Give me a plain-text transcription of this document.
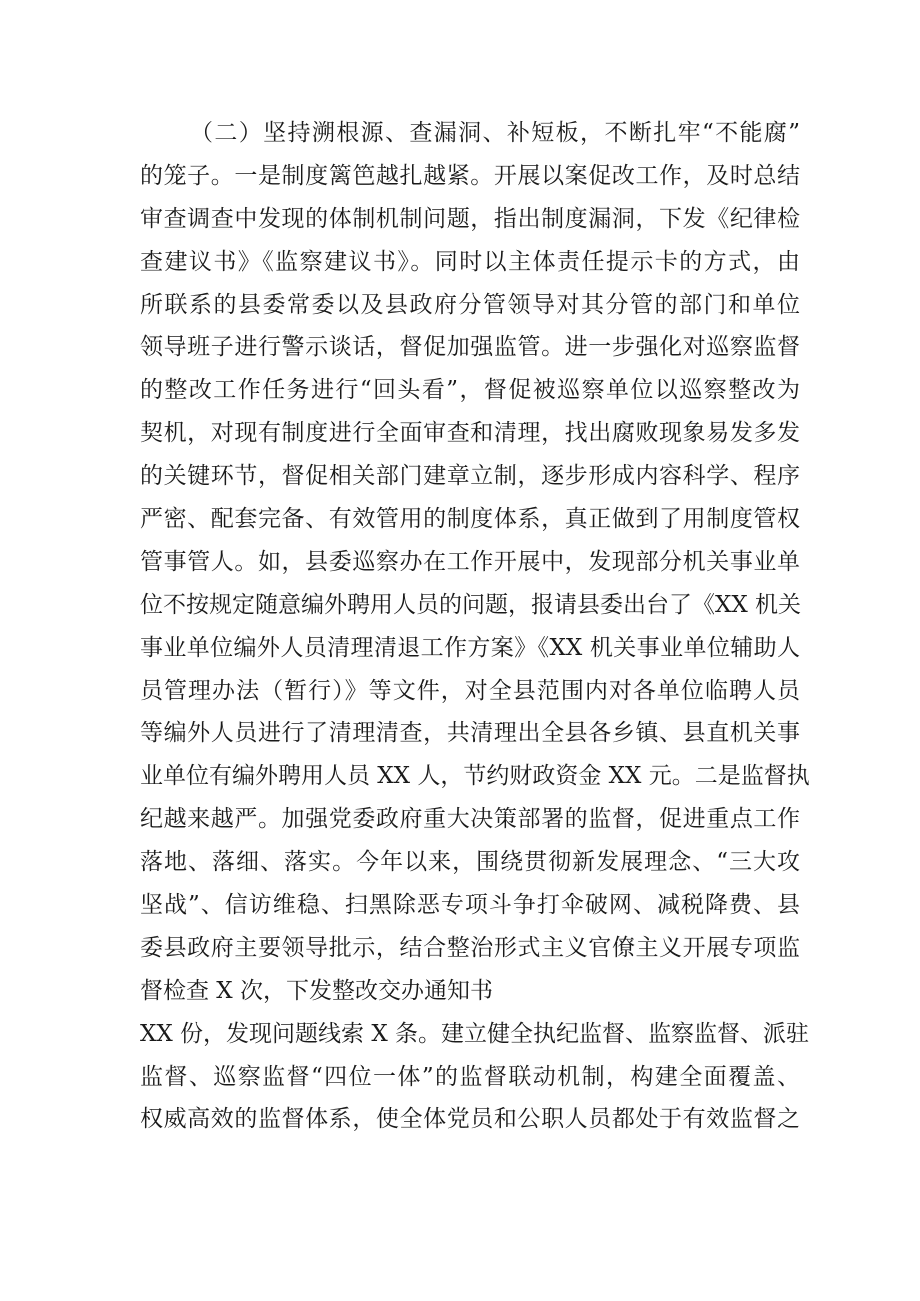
（二）坚持溯根源、查漏洞、补短板，不断扎牢“不能腐”
的笼子。一是制度篱笆越扎越紧。开展以案促改工作，及时总结
审查调查中发现的体制机制问题，指出制度漏洞，下发《纪律检
查建议书》《监察建议书》。同时以主体责任提示卡的方式，由
所联系的县委常委以及县政府分管领导对其分管的部门和单位
领导班子进行警示谈话，督促加强监管。进一步强化对巡察监督
的整改工作任务进行“回头看”，督促被巡察单位以巡察整改为
契机，对现有制度进行全面审查和清理，找出腐败现象易发多发
的关键环节，督促相关部门建章立制，逐步形成内容科学、程序
严密、配套完备、有效管用的制度体系，真正做到了用制度管权
管事管人。如，县委巡察办在工作开展中，发现部分机关事业单
位不按规定随意编外聘用人员的问题，报请县委出台了《XX 机关
事业单位编外人员清理清退工作方案》《XX 机关事业单位辅助人
员管理办法（暂行）》等文件，对全县范围内对各单位临聘人员
等编外人员进行了清理清查，共清理出全县各乡镇、县直机关事
业单位有编外聘用人员 XX 人，节约财政资金 XX 元。二是监督执
纪越来越严。加强党委政府重大决策部署的监督，促进重点工作
落地、落细、落实。今年以来，围绕贯彻新发展理念、“三大攻
坚战”、信访维稳、扫黑除恶专项斗争打伞破网、减税降费、县
委县政府主要领导批示，结合整治形式主义官僚主义开展专项监
督检查 X 次，下发整改交办通知书
XX 份，发现问题线索 X 条。建立健全执纪监督、监察监督、派驻
监督、巡察监督“四位一体”的监督联动机制，构建全面覆盖、
权威高效的监督体系，使全体党员和公职人员都处于有效监督之
